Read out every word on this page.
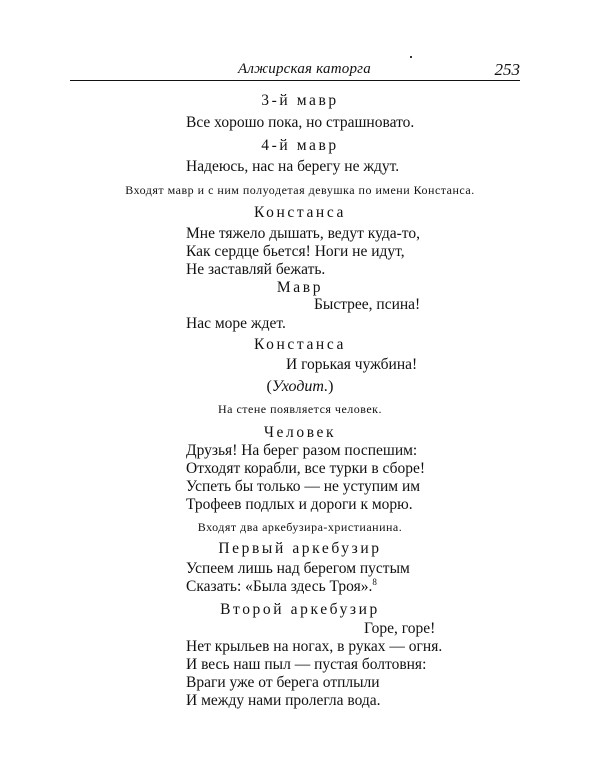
Алжирская каторга	253
3-й мавр
Все хорошо пока, но страшновато.
4-й мавр
Надеюсь, нас на берегу не ждут.
Входят мавр и с ним полуодетая девушка по имени Констанса.
Констанса
Мне тяжело дышать, ведут куда-то,
Как сердце бьется! Ноги не идут,
Не заставляй бежать.
Мавр
Быстрее, псина!
Нас море ждет.
Констанса
И горькая чужбина!
(Уходит.)
На стене появляется человек.
Человек
Друзья! На берег разом поспешим:
Отходят корабли, все турки в сборе!
Успеть бы только — не уступим им
Трофеев подлых и дороги к морю.
Входят два аркебузира-христианина.
Первый аркебузир
Успеем лишь над берегом пустым
Сказать: «Была здесь Троя».$^8$
Второй аркебузир
Горе, горе!
Нет крыльев на ногах, в руках — огня.
И весь наш пыл — пустая болтовня:
Враги уже от берега отплыли
И между нами пролегла вода.
